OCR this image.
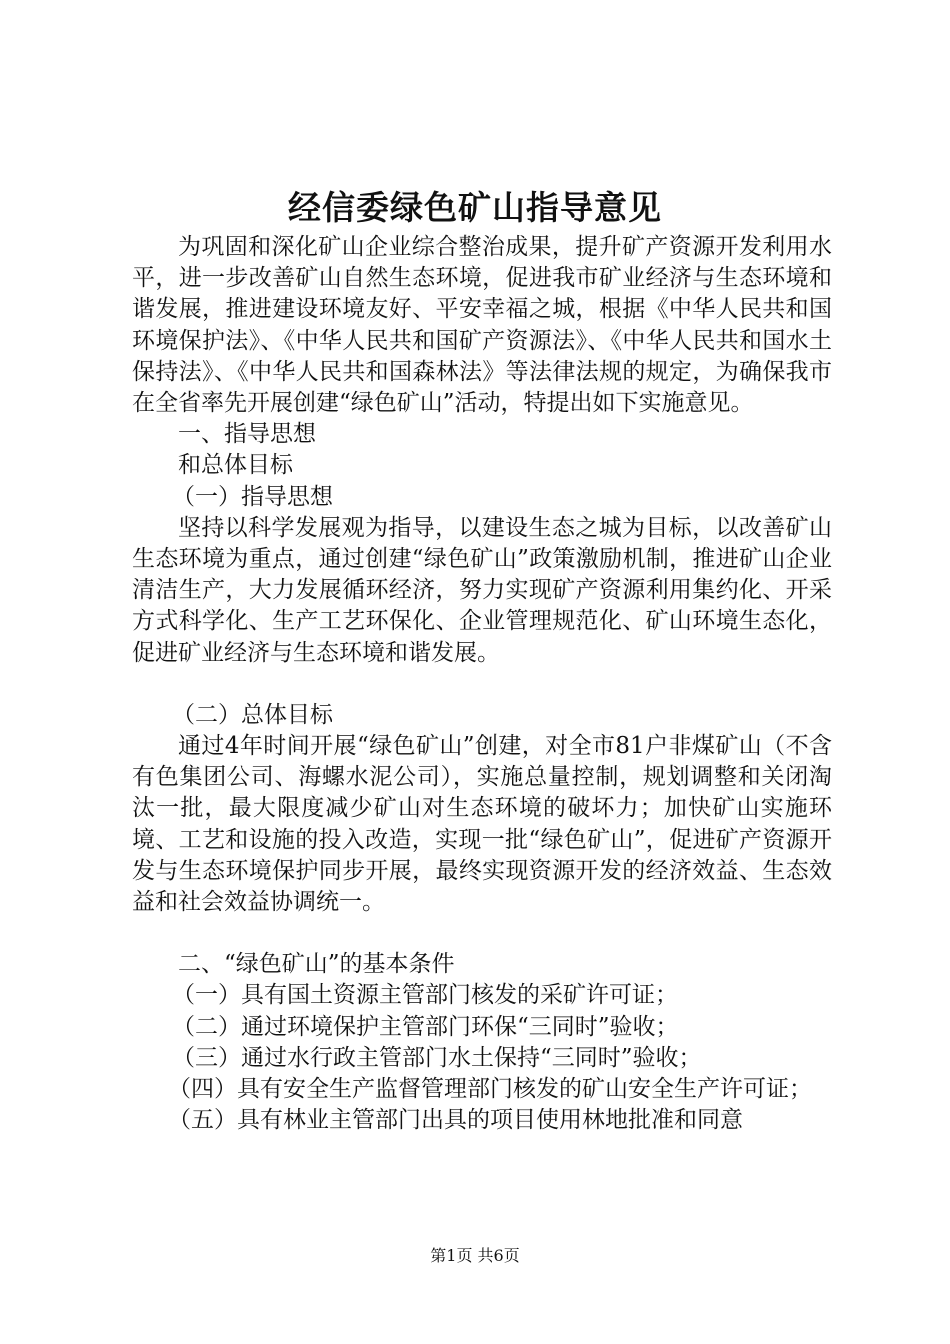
经信委绿色矿山指导意见

为巩固和深化矿山企业综合整治成果，提升矿产资源开发利用水平，进一步改善矿山自然生态环境，促进我市矿业经济与生态环境和谐发展，推进建设环境友好、平安幸福之城，根据《中华人民共和国环境保护法》、《中华人民共和国矿产资源法》、《中华人民共和国水土保持法》、《中华人民共和国森林法》等法律法规的规定，为确保我市在全省率先开展创建“绿色矿山”活动，特提出如下实施意见。

一、指导思想

和总体目标

（一）指导思想

坚持以科学发展观为指导，以建设生态之城为目标，以改善矿山生态环境为重点，通过创建“绿色矿山”政策激励机制，推进矿山企业清洁生产，大力发展循环经济，努力实现矿产资源利用集约化、开采方式科学化、生产工艺环保化、企业管理规范化、矿山环境生态化，促进矿业经济与生态环境和谐发展。

（二）总体目标

通过4年时间开展“绿色矿山”创建，对全市81户非煤矿山（不含有色集团公司、海螺水泥公司），实施总量控制，规划调整和关闭淘汰一批，最大限度减少矿山对生态环境的破坏力；加快矿山实施环境、工艺和设施的投入改造，实现一批“绿色矿山”，促进矿产资源开发与生态环境保护同步开展，最终实现资源开发的经济效益、生态效益和社会效益协调统一。

二、“绿色矿山”的基本条件

（一）具有国土资源主管部门核发的采矿许可证；

（二）通过环境保护主管部门环保“三同时”验收；

（三）通过水行政主管部门水土保持“三同时”验收；

（四）具有安全生产监督管理部门核发的矿山安全生产许可证；

（五）具有林业主管部门出具的项目使用林地批准和同意

第1页 共6页
